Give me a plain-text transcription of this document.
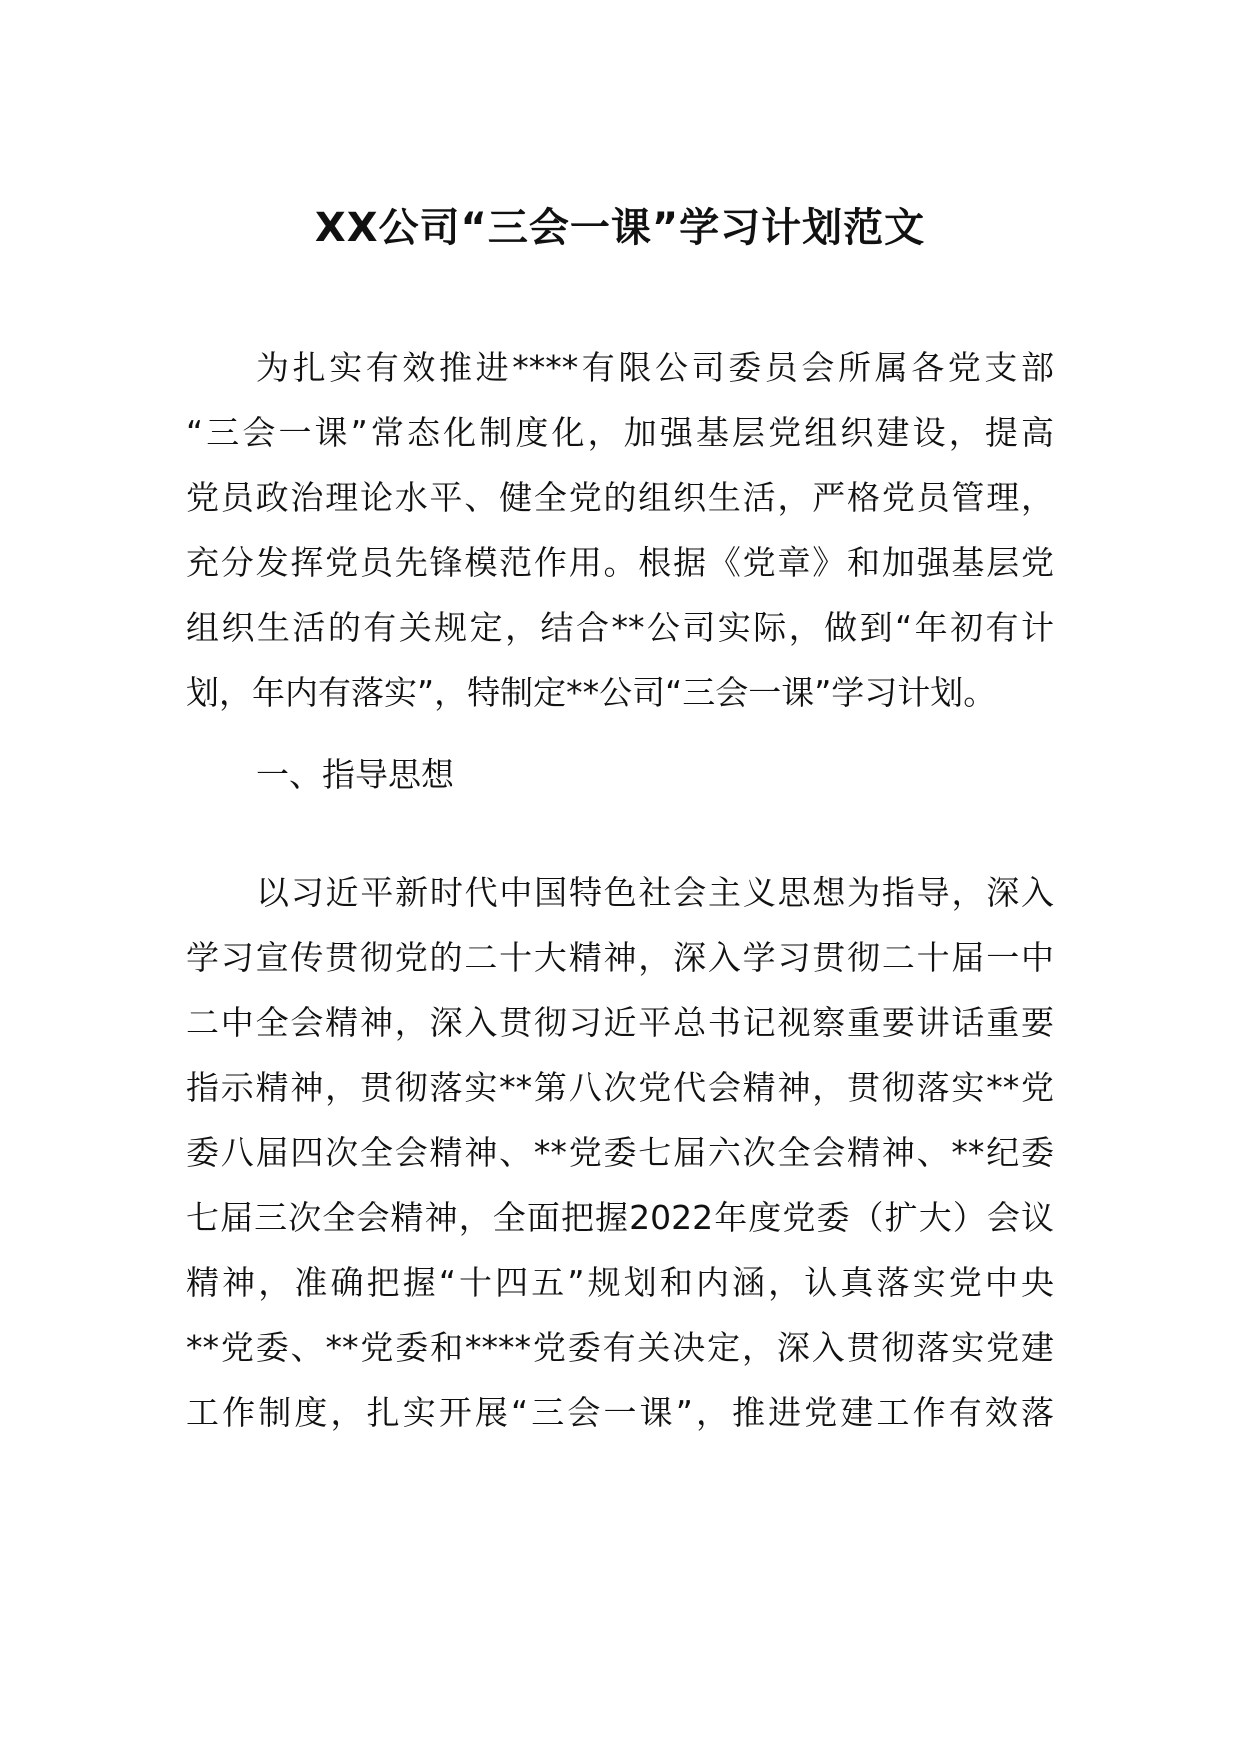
XX公司“三会一课”学习计划范文
为扎实有效推进****有限公司委员会所属各党支部
“三会一课”常态化制度化，加强基层党组织建设，提高
党员政治理论水平、健全党的组织生活，严格党员管理，
充分发挥党员先锋模范作用。根据《党章》和加强基层党
组织生活的有关规定，结合**公司实际，做到“年初有计
划，年内有落实”，特制定**公司“三会一课”学习计划。
一、指导思想
以习近平新时代中国特色社会主义思想为指导，深入
学习宣传贯彻党的二十大精神，深入学习贯彻二十届一中
二中全会精神，深入贯彻习近平总书记视察重要讲话重要
指示精神，贯彻落实**第八次党代会精神，贯彻落实**党
委八届四次全会精神、**党委七届六次全会精神、**纪委
七届三次全会精神，全面把握2022年度党委（扩大）会议
精神，准确把握“十四五”规划和内涵，认真落实党中央
**党委、**党委和****党委有关决定，深入贯彻落实党建
工作制度，扎实开展“三会一课”，推进党建工作有效落
